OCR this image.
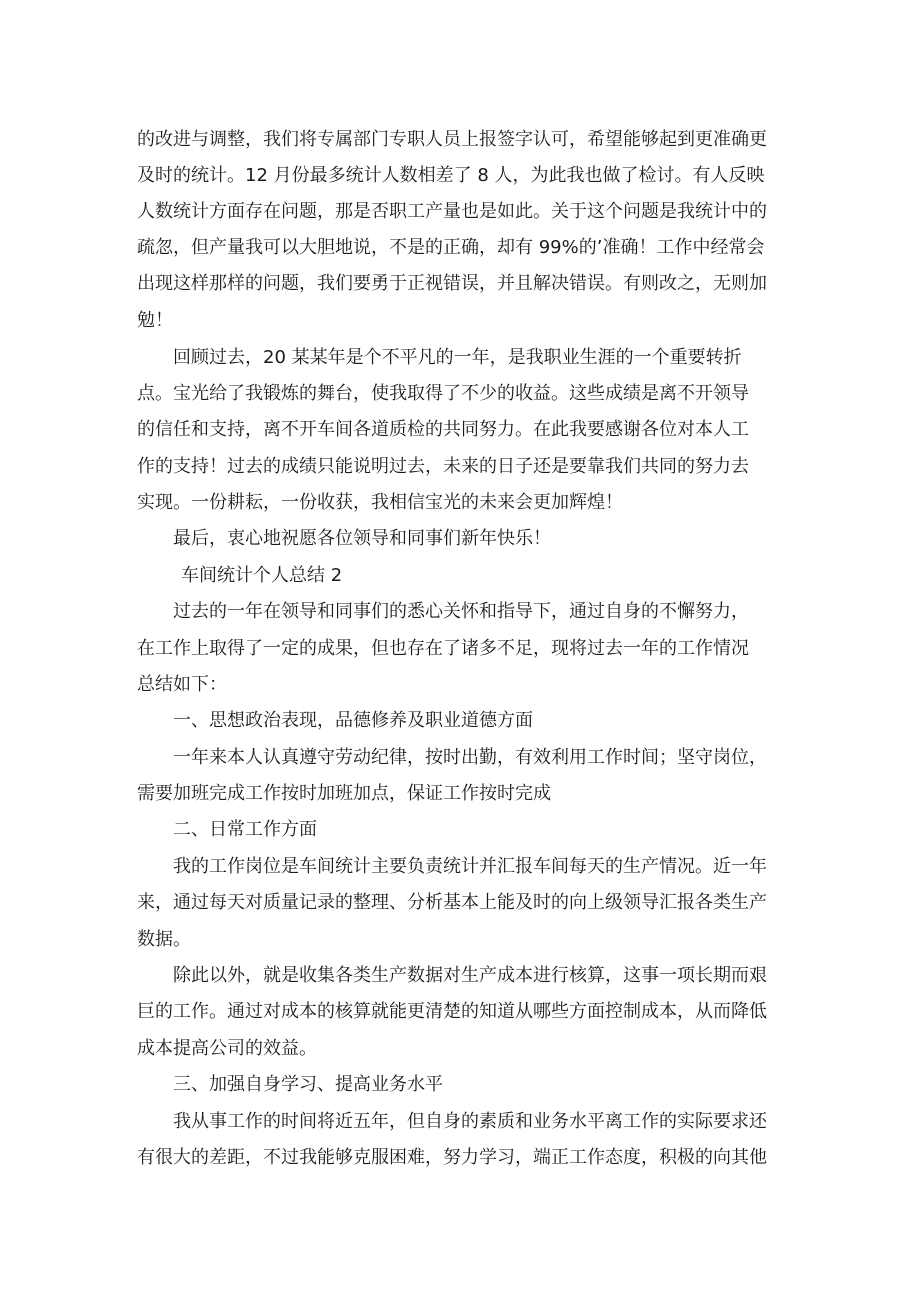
的改进与调整，我们将专属部门专职人员上报签字认可，希望能够起到更准确更
及时的统计。12 月份最多统计人数相差了 8 人，为此我也做了检讨。有人反映
人数统计方面存在问题，那是否职工产量也是如此。关于这个问题是我统计中的
疏忽，但产量我可以大胆地说，不是的正确，却有 99%的’准确！工作中经常会
出现这样那样的问题，我们要勇于正视错误，并且解决错误。有则改之，无则加
勉！
回顾过去，20 某某年是个不平凡的一年，是我职业生涯的一个重要转折
点。宝光给了我锻炼的舞台，使我取得了不少的收益。这些成绩是离不开领导
的信任和支持，离不开车间各道质检的共同努力。在此我要感谢各位对本人工
作的支持！过去的成绩只能说明过去，未来的日子还是要靠我们共同的努力去
实现。一份耕耘，一份收获，我相信宝光的未来会更加辉煌！
最后，衷心地祝愿各位领导和同事们新年快乐！
车间统计个人总结 2
过去的一年在领导和同事们的悉心关怀和指导下，通过自身的不懈努力，
在工作上取得了一定的成果，但也存在了诸多不足，现将过去一年的工作情况
总结如下：
一、思想政治表现，品德修养及职业道德方面
一年来本人认真遵守劳动纪律，按时出勤，有效利用工作时间；坚守岗位，
需要加班完成工作按时加班加点，保证工作按时完成
二、日常工作方面
我的工作岗位是车间统计主要负责统计并汇报车间每天的生产情况。近一年
来，通过每天对质量记录的整理、分析基本上能及时的向上级领导汇报各类生产
数据。
除此以外，就是收集各类生产数据对生产成本进行核算，这事一项长期而艰
巨的工作。通过对成本的核算就能更清楚的知道从哪些方面控制成本，从而降低
成本提高公司的效益。
三、加强自身学习、提高业务水平
我从事工作的时间将近五年，但自身的素质和业务水平离工作的实际要求还
有很大的差距，不过我能够克服困难，努力学习，端正工作态度，积极的向其他
